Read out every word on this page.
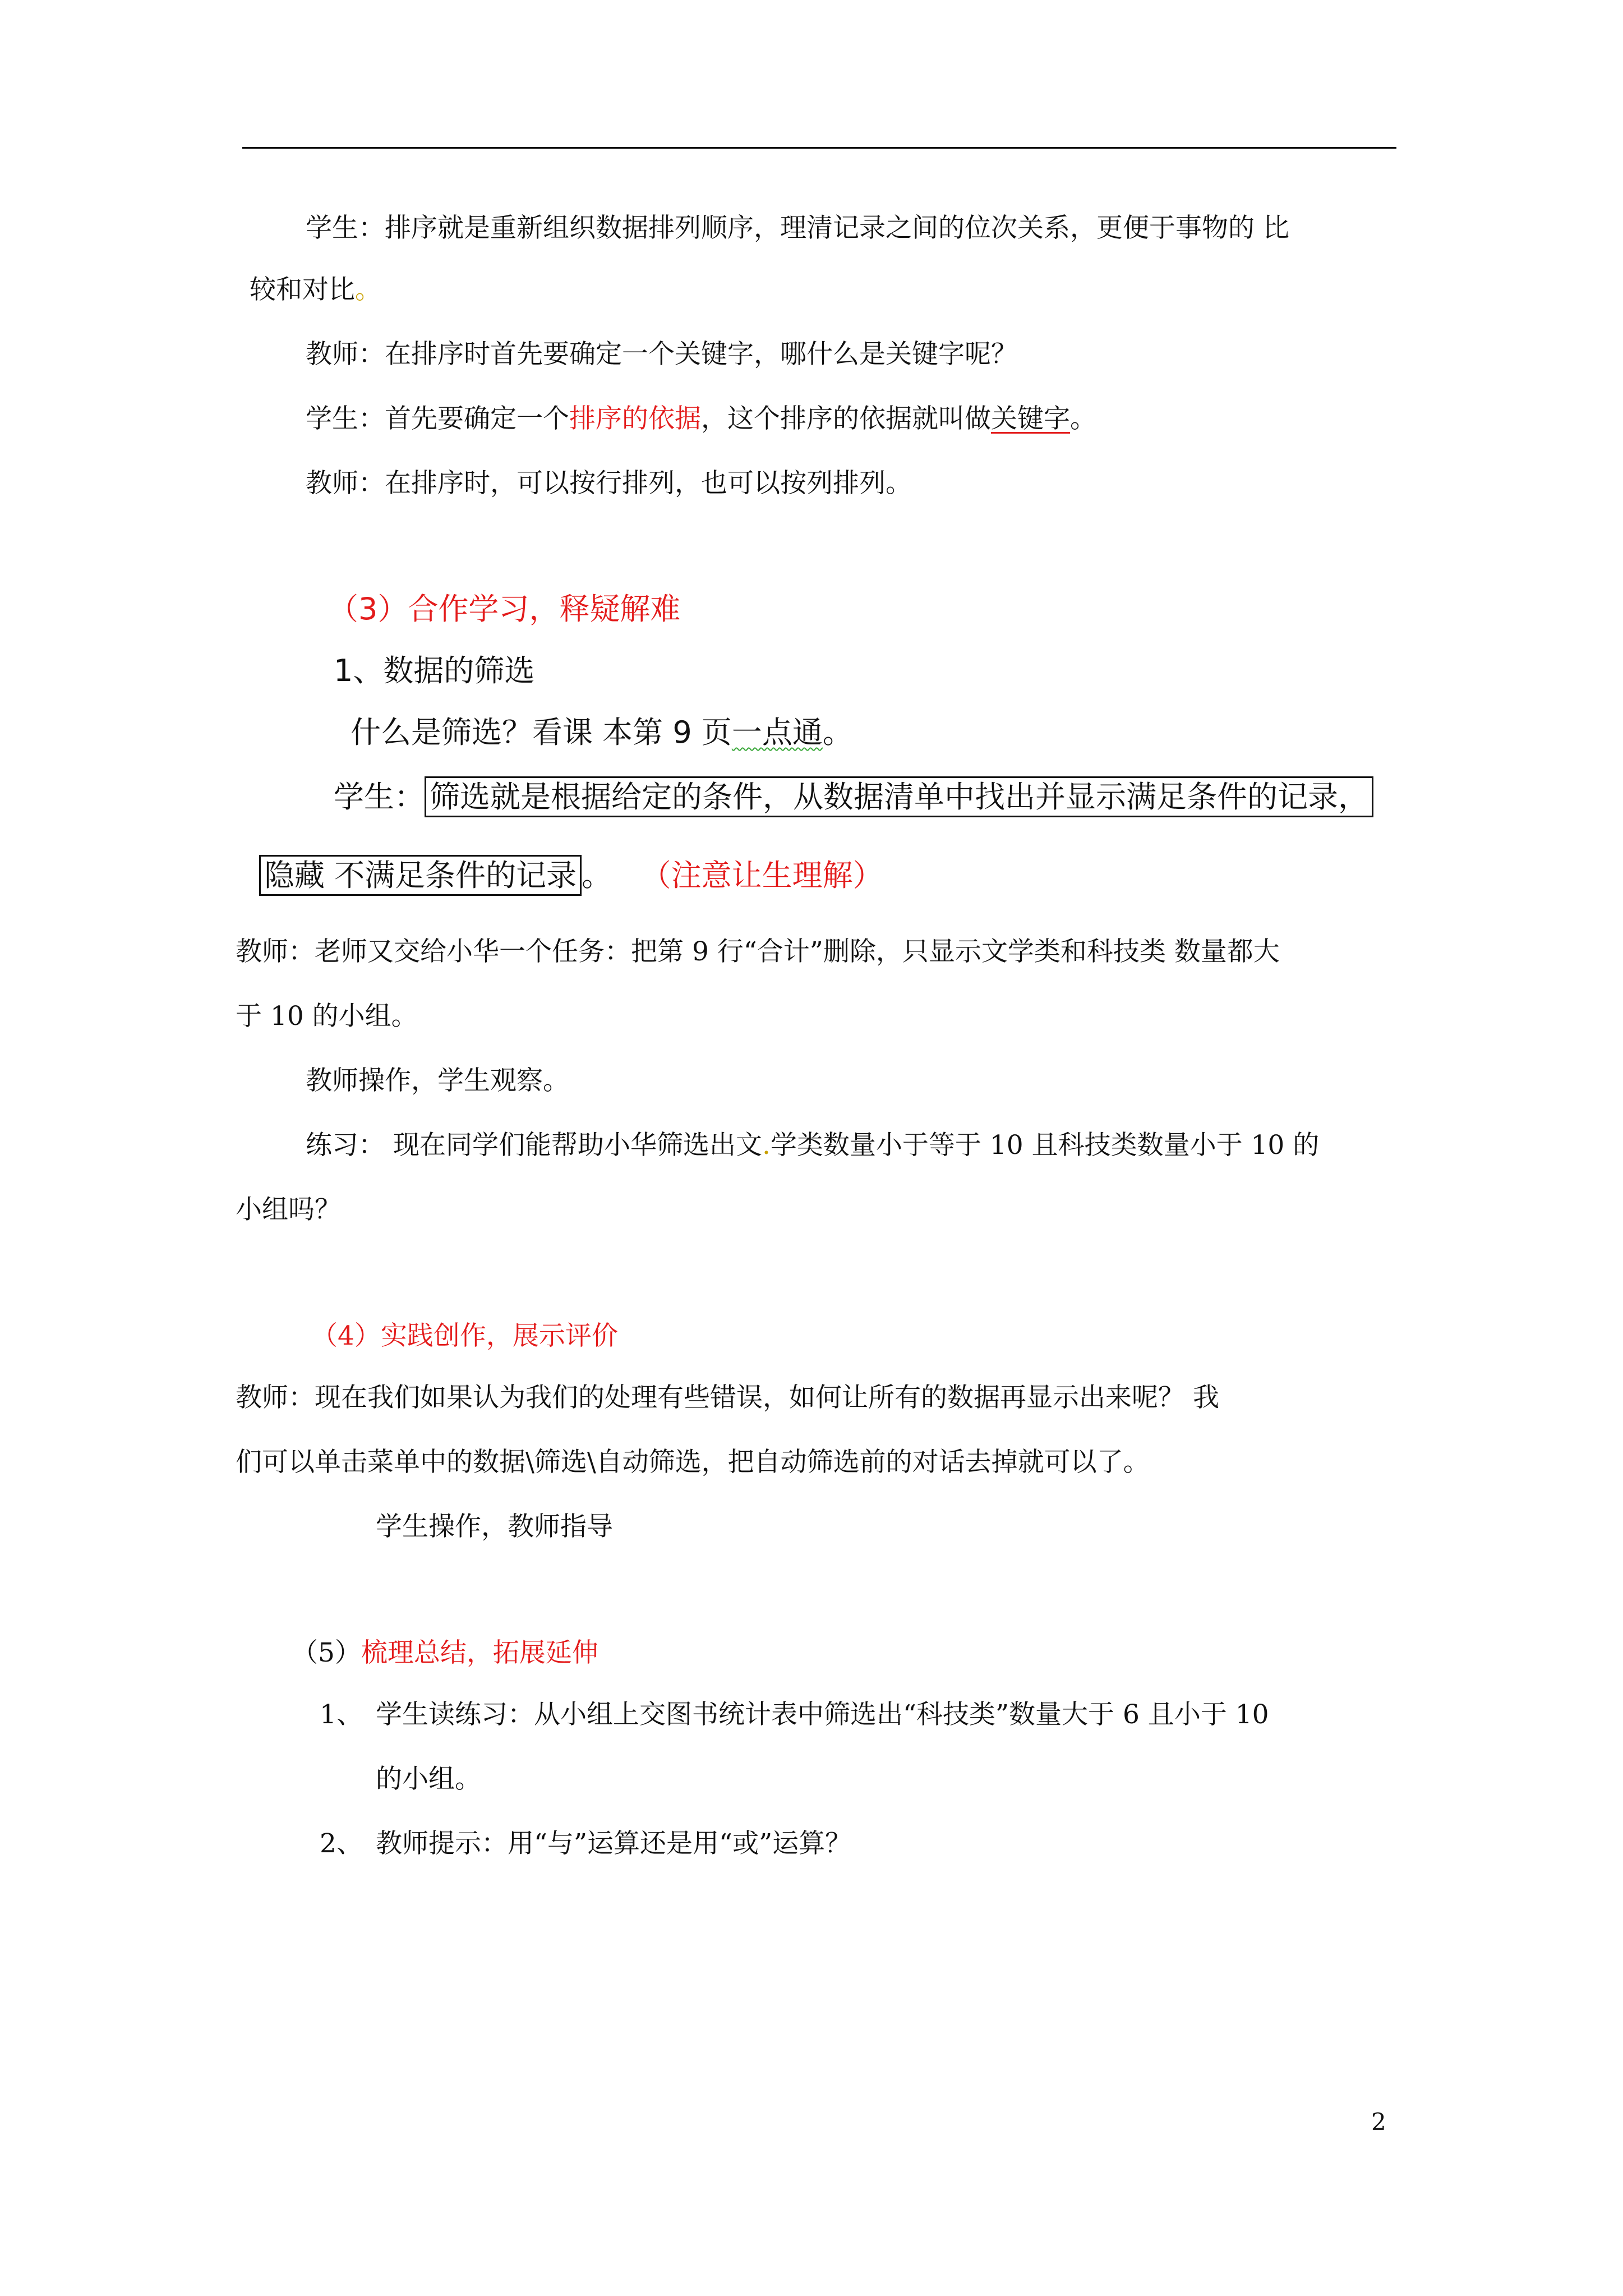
学生：排序就是重新组织数据排列顺序，理清记录之间的位次关系，更便于事物的 比
较和对比。
教师：在排序时首先要确定一个关键字，哪什么是关键字呢？
学生：首先要确定一个排序的依据，这个排序的依据就叫做关键字。
教师：在排序时，可以按行排列，也可以按列排列。
（3）合作学习，释疑解难
1、数据的筛选
什么是筛选？看课 本第 9 页一点通。
学生： 筛选就是根据给定的条件，从数据清单中找出并显示满足条件的记录，
隐藏 不满足条件的记录 。 （注意让生理解）
教师：老师又交给小华一个任务：把第 9 行“合计”删除，只显示文学类和科技类 数量都大
于 10 的小组。
教师操作，学生观察。
练习： 现在同学们能帮助小华筛选出文.学类数量小于等于 10 且科技类数量小于 10 的
小组吗？
（4）实践创作，展示评价
教师：现在我们如果认为我们的处理有些错误，如何让所有的数据再显示出来呢？ 我
们可以单击菜单中的数据\筛选\自动筛选，把自动筛选前的对话去掉就可以了。
学生操作，教师指导
（5）梳理总结，拓展延伸
1、 学生读练习：从小组上交图书统计表中筛选出“科技类”数量大于 6 且小于 10
的小组。
2、 教师提示：用“与”运算还是用“或”运算？
2
